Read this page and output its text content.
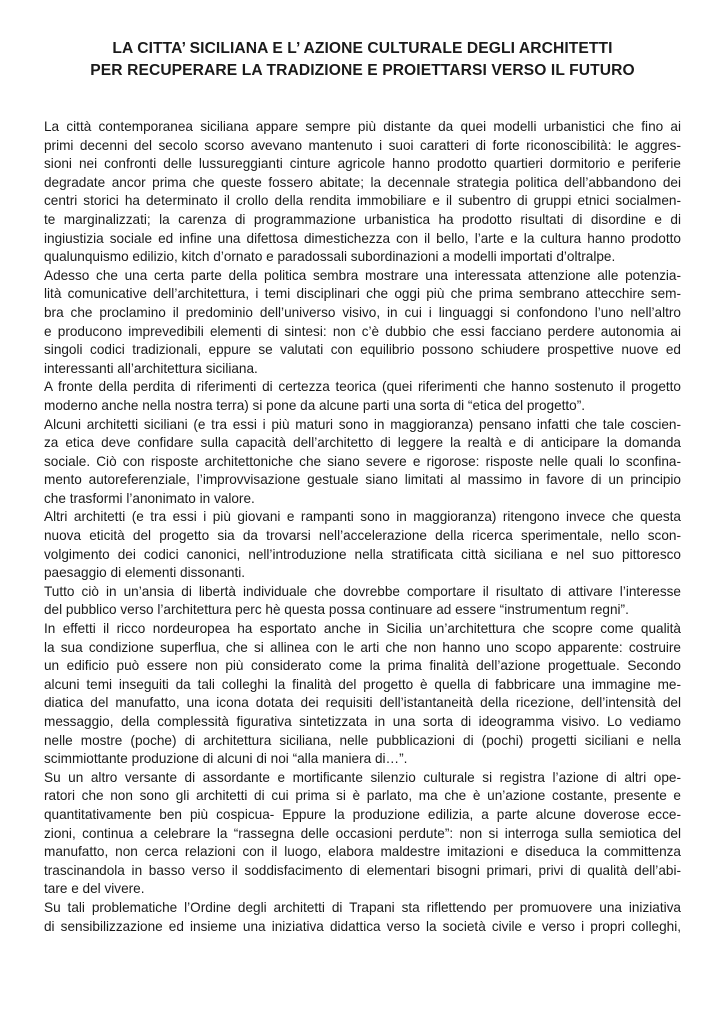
LA CITTA’ SICILIANA E L’ AZIONE CULTURALE DEGLI ARCHITETTI
PER RECUPERARE LA TRADIZIONE E PROIETTARSI VERSO IL FUTURO
La città contemporanea siciliana appare sempre più distante da quei modelli urbanistici che fino ai
primi decenni del secolo scorso avevano mantenuto i suoi caratteri di forte riconoscibilità: le aggres-
sioni nei confronti delle lussureggianti cinture agricole hanno prodotto quartieri dormitorio e periferie
degradate ancor prima che queste fossero abitate; la decennale strategia politica dell’abbandono dei
centri storici ha determinato il crollo della rendita immobiliare e il subentro di gruppi etnici socialmen-
te marginalizzati; la carenza di programmazione urbanistica ha prodotto risultati di disordine e di
ingiustizia sociale ed infine una difettosa dimestichezza con il bello, l’arte e la cultura hanno prodotto
qualunquismo edilizio, kitch d’ornato e paradossali subordinazioni a modelli importati d’oltralpe.
Adesso che una certa parte della politica sembra mostrare una interessata attenzione alle potenzia-
lità comunicative dell’architettura, i temi disciplinari che oggi più che prima sembrano attecchire sem-
bra che proclamino il predominio dell’universo visivo, in cui i linguaggi si confondono l’uno nell’altro
e producono imprevedibili elementi di sintesi: non c’è dubbio che essi facciano perdere autonomia ai
singoli codici tradizionali, eppure se valutati con equilibrio possono schiudere prospettive nuove ed
interessanti all’architettura siciliana.
A fronte della perdita di riferimenti di certezza teorica (quei riferimenti che hanno sostenuto il progetto
moderno anche nella nostra terra) si pone da alcune parti una sorta di “etica del progetto”.
Alcuni architetti siciliani (e tra essi i più maturi sono in maggioranza) pensano infatti che tale coscien-
za etica deve confidare sulla capacità dell’architetto di leggere la realtà e di anticipare la domanda
sociale. Ciò con risposte architettoniche che siano severe e rigorose: risposte nelle quali lo sconfina-
mento autoreferenziale, l’improvvisazione gestuale siano limitati al massimo in favore di un principio
che trasformi l’anonimato in valore.
Altri architetti (e tra essi i più giovani e rampanti sono in maggioranza) ritengono invece che questa
nuova eticità del progetto sia da trovarsi nell’accelerazione della ricerca sperimentale, nello scon-
volgimento dei codici canonici, nell’introduzione nella stratificata città siciliana e nel suo pittoresco
paesaggio di elementi dissonanti.
Tutto ciò in un’ansia di libertà individuale che dovrebbe comportare il risultato di attivare l’interesse
del pubblico verso l’architettura perc hè questa possa continuare ad essere “instrumentum regni”.
In effetti il ricco nordeuropea ha esportato anche in Sicilia un’architettura che scopre come qualità
la sua condizione superflua, che si allinea con le arti che non hanno uno scopo apparente: costruire
un edificio può essere non più considerato come la prima finalità dell’azione progettuale. Secondo
alcuni temi inseguiti da tali colleghi la finalità del progetto è quella di fabbricare una immagine me-
diatica del manufatto, una icona dotata dei requisiti dell’istantaneità della ricezione, dell’intensità del
messaggio, della complessità figurativa sintetizzata in una sorta di ideogramma visivo. Lo vediamo
nelle mostre (poche) di architettura siciliana, nelle pubblicazioni di (pochi) progetti siciliani e nella
scimmiottante produzione di alcuni di noi “alla maniera di…”.
Su un altro versante di assordante e mortificante silenzio culturale si registra l’azione di altri ope-
ratori che non sono gli architetti di cui prima si è parlato, ma che è un’azione costante, presente e
quantitativamente ben più cospicua- Eppure la produzione edilizia, a parte alcune doverose ecce-
zioni, continua a celebrare la “rassegna delle occasioni perdute”: non si interroga sulla semiotica del
manufatto, non cerca relazioni con il luogo, elabora maldestre imitazioni e diseduca la committenza
trascinandola in basso verso il soddisfacimento di elementari bisogni primari, privi di qualità dell’abi-
tare e del vivere.
Su tali problematiche l’Ordine degli architetti di Trapani sta riflettendo per promuovere una iniziativa
di sensibilizzazione ed insieme una iniziativa didattica verso la società civile e verso i propri colleghi,
